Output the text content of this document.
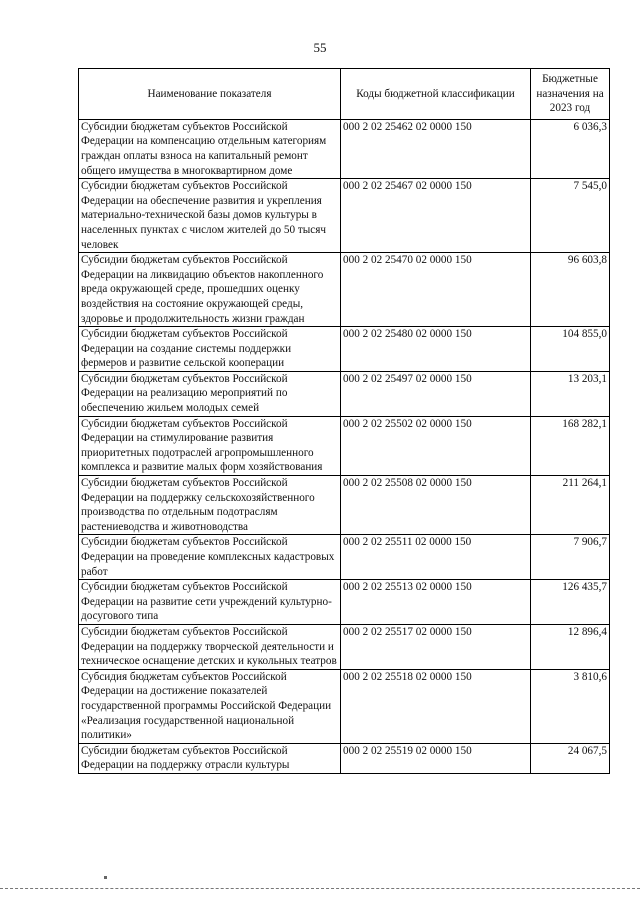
55
Наименование показателя	Коды бюджетной классификации	Бюджетные назначения на 2023 год
Субсидии бюджетам субъектов Российской Федерации на компенсацию отдельным категориям граждан оплаты взноса на капитальный ремонт общего имущества в многоквартирном доме	000 2 02 25462 02 0000 150	6 036,3
Субсидии бюджетам субъектов Российской Федерации на обеспечение развития и укрепления материально-технической базы домов культуры в населенных пунктах с числом жителей до 50 тысяч человек	000 2 02 25467 02 0000 150	7 545,0
Субсидии бюджетам субъектов Российской Федерации на ликвидацию объектов накопленного вреда окружающей среде, прошедших оценку воздействия на состояние окружающей среды, здоровье и продолжительность жизни граждан	000 2 02 25470 02 0000 150	96 603,8
Субсидии бюджетам субъектов Российской Федерации на создание системы поддержки фермеров и развитие сельской кооперации	000 2 02 25480 02 0000 150	104 855,0
Субсидии бюджетам субъектов Российской Федерации на реализацию мероприятий по обеспечению жильем молодых семей	000 2 02 25497 02 0000 150	13 203,1
Субсидии бюджетам субъектов Российской Федерации на стимулирование развития приоритетных подотраслей агропромышленного комплекса и развитие малых форм хозяйствования	000 2 02 25502 02 0000 150	168 282,1
Субсидии бюджетам субъектов Российской Федерации на поддержку сельскохозяйственного производства по отдельным подотраслям растениеводства и животноводства	000 2 02 25508 02 0000 150	211 264,1
Субсидии бюджетам субъектов Российской Федерации на проведение комплексных кадастровых работ	000 2 02 25511 02 0000 150	7 906,7
Субсидии бюджетам субъектов Российской Федерации на развитие сети учреждений культурно-досугового типа	000 2 02 25513 02 0000 150	126 435,7
Субсидии бюджетам субъектов Российской Федерации на поддержку творческой деятельности и техническое оснащение детских и кукольных театров	000 2 02 25517 02 0000 150	12 896,4
Субсидия бюджетам субъектов Российской Федерации на достижение показателей государственной программы Российской Федерации «Реализация государственной национальной политики»	000 2 02 25518 02 0000 150	3 810,6
Субсидии бюджетам субъектов Российской Федерации на поддержку отрасли культуры	000 2 02 25519 02 0000 150	24 067,5
